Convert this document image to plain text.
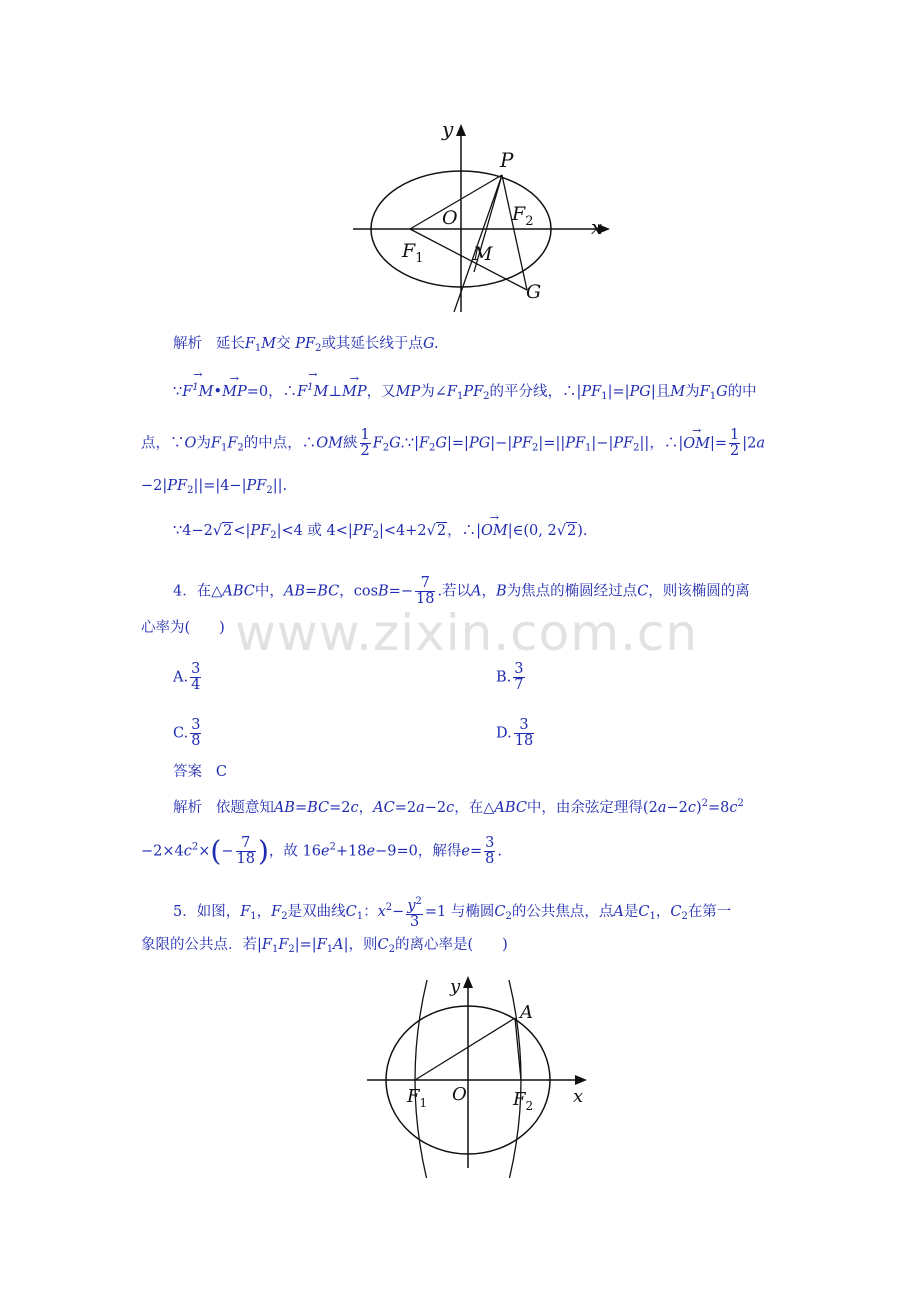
y
x
P
O	$F_2$
$F_1$	M
G
解析 延长$F_1M$交 $PF_2$或其延长线于点G.
∵→ $F^1M•\to MP=0$，∴→ $F^1M\perp\to$ MP，又MP为$\angle F_1PF_2$的平分线，$\therefore|PF_1|=|PG|$且M为$F_1G$的中
点，∵O为$F_1F_2$的中点，∴OM綊 $\frac{1}{2}$ $F_2G.\because|F_2G|=|PG|-|PF_2|=||PF_1|-|PF_2||$，∴|→ $OM|= \frac{1}{2} |2a$
$-2|PF_2||=|4-|PF_2||$.
$\because 4-2√2<|PF_2|<4$ 或 $4<|PF_2|<4+2√2$，∴|→ OM|∈(0, 2√2).
4．在△ABC中，AB=BC，$\cos B=- \frac{7}{18}$ .若以A，B为焦点的椭圆经过点C，则该椭圆的离
心率为(　　)
A. $\frac{3}{4}$	B. $\frac{3}{7}$
C. $\frac{3}{8}$	D. $\frac{3}{18}$
答案 C
解析 依题意知AB=BC=2c，AC=2a−2c，在△ABC中，由余弦定理得$(2a-2c)^2=8c^2$
$-2\times 4c^2\times(- \frac{7}{18}$ )，故 $16e^2+18e-9=0$，解得$e= \frac{3}{8}$ .
5．如图，$F_1$，$F_2$是双曲线$C_1$：$x^2- \frac{y^2}{3} =1$ 与椭圆$C_2$的公共焦点，点A是$C_1$，$C_2$在第一
象限的公共点．若$|F_1F_2|=|F_1A|$，则$C_2$的离心率是(　　)
y
A
O
$F_1$	$F_2$ x
www.zixin.com.cn
